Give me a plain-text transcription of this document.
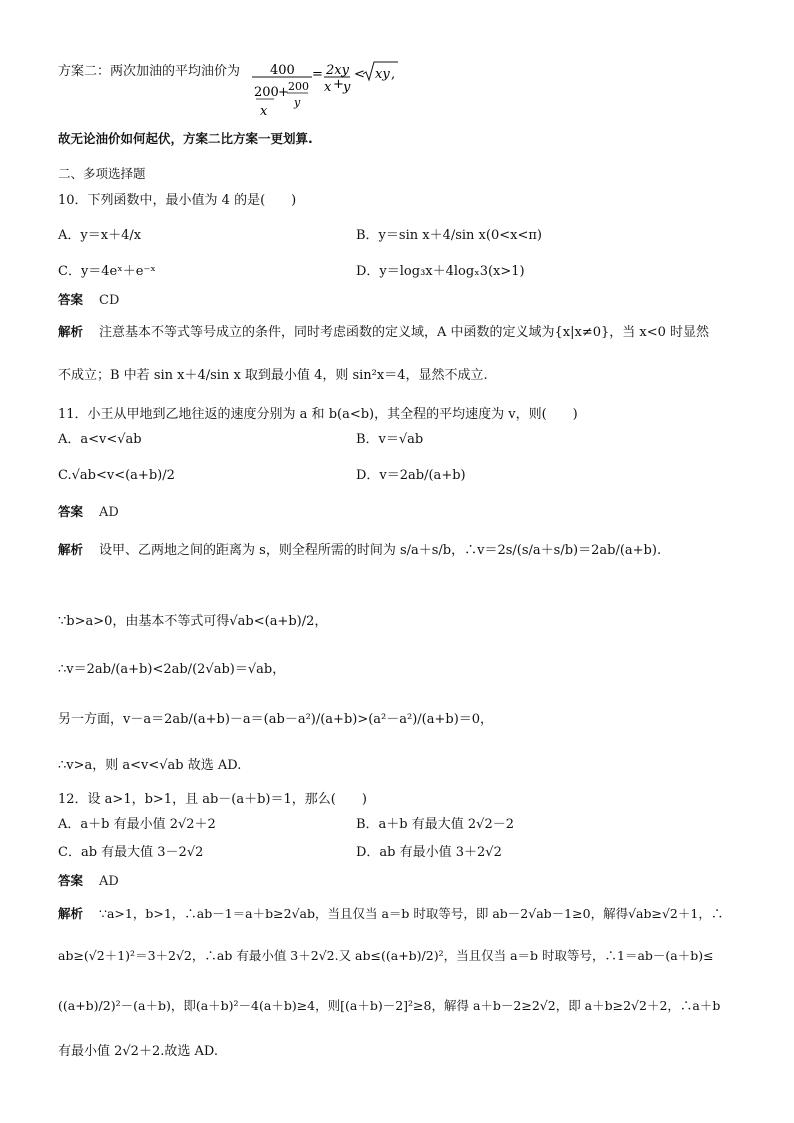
方案二：两次加油的平均油价为	400
200 + 200
y
x
= 2xy
x + y
< xy ,
故无论油价如何起伏，方案二比方案一更划算.
二、多项选择题
10．下列函数中，最小值为 4 的是(　　)
A．y＝x＋4/x	B．y＝sin x＋4/sin x(0<x<π)
C．y＝4eˣ＋e⁻ˣ	D．y＝log₃x＋4logₓ3(x>1)
答案 CD
解析 注意基本不等式等号成立的条件，同时考虑函数的定义域，A 中函数的定义域为{x|x≠0}，当 x<0 时显然
不成立；B 中若 sin x＋4/sin x 取到最小值 4，则 sin²x＝4，显然不成立.
11．小王从甲地到乙地往返的速度分别为 a 和 b(a<b)，其全程的平均速度为 v，则(　　)
A．a<v<√ab	B．v＝√ab
C.√ab<v<(a+b)/2	D．v＝2ab/(a+b)
答案 AD
解析 设甲、乙两地之间的距离为 s，则全程所需的时间为 s/a＋s/b，∴v＝2s/(s/a＋s/b)＝2ab/(a+b).
∵b>a>0，由基本不等式可得√ab<(a+b)/2，
∴v＝2ab/(a+b)<2ab/(2√ab)＝√ab，
另一方面，v－a＝2ab/(a+b)－a＝(ab－a²)/(a+b)>(a²－a²)/(a+b)＝0，
∴v>a，则 a<v<√ab 故选 AD.
12．设 a>1，b>1，且 ab－(a＋b)＝1，那么(　　)
A．a＋b 有最小值 2√2＋2	B．a＋b 有最大值 2√2－2
C．ab 有最大值 3－2√2	D．ab 有最小值 3＋2√2
答案 AD
解析 ∵a>1，b>1，∴ab－1＝a＋b≥2√ab，当且仅当 a＝b 时取等号，即 ab－2√ab－1≥0，解得√ab≥√2＋1，∴
ab≥(√2＋1)²＝3＋2√2，∴ab 有最小值 3＋2√2.又 ab≤((a+b)/2)²，当且仅当 a＝b 时取等号，∴1＝ab－(a＋b)≤
((a+b)/2)²－(a＋b)，即(a＋b)²－4(a＋b)≥4，则[(a＋b)－2]²≥8，解得 a＋b－2≥2√2，即 a＋b≥2√2＋2，∴a＋b
有最小值 2√2＋2.故选 AD.
